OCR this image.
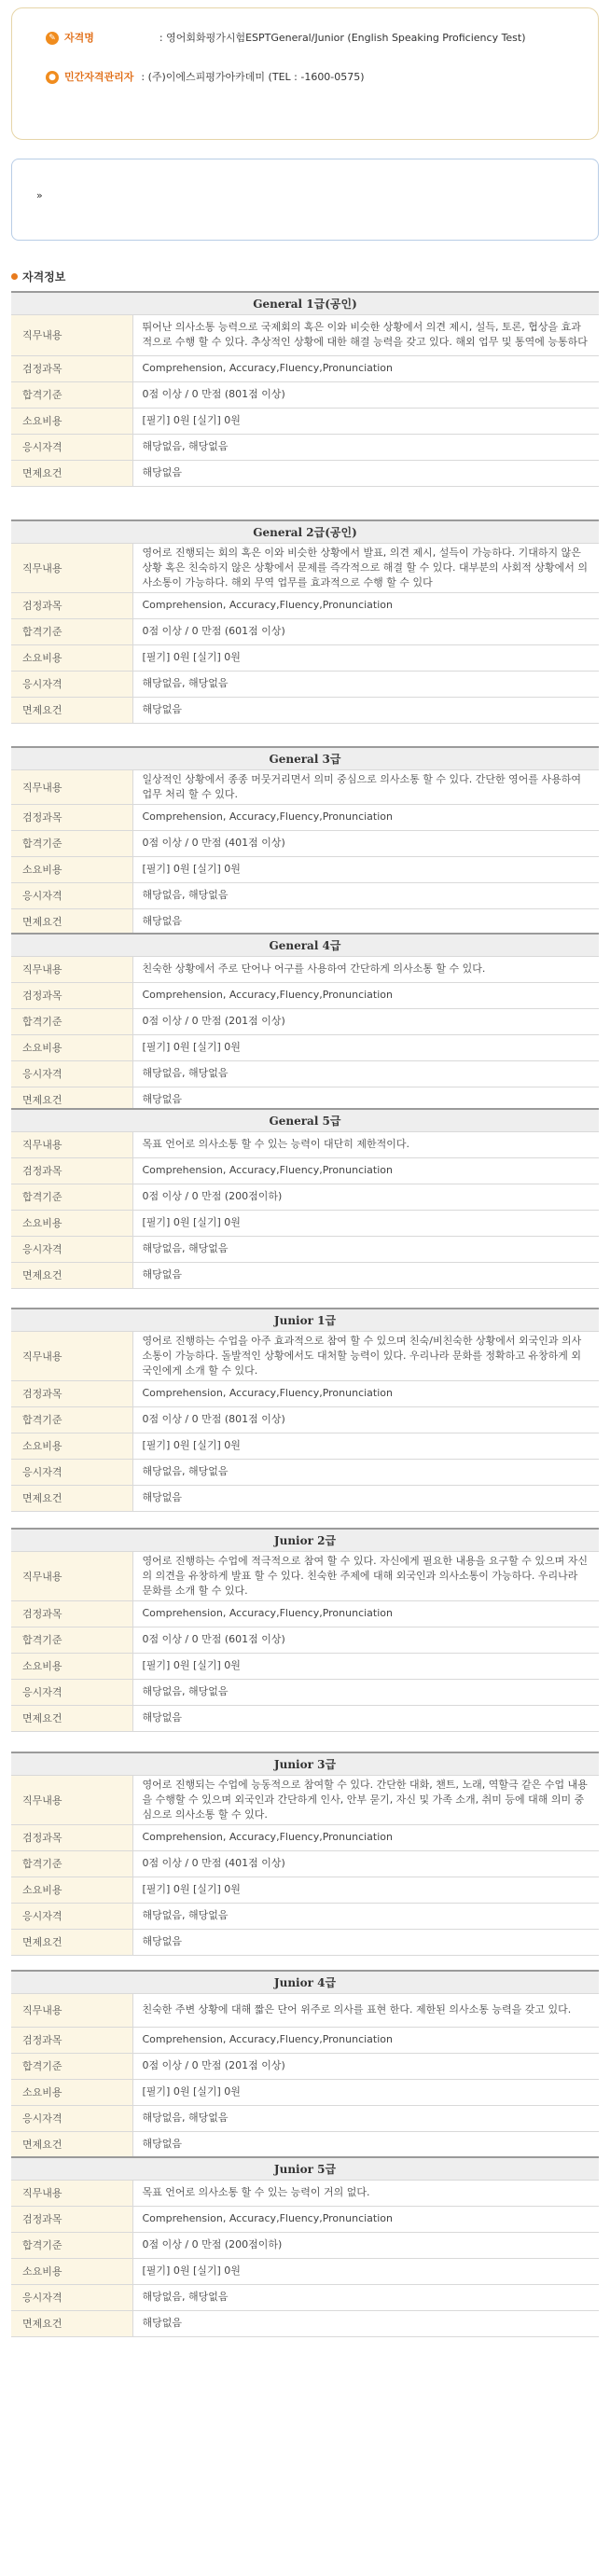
✎ 자격명	: 영어회화평가시험ESPTGeneral/Junior (English Speaking Proficiency Test)
● 민간자격관리자 : (주)이에스피평가아카데미 (TEL : -1600-0575)
»
자격정보
General 1급(공인)	
직무내용	뛰어난 의사소통 능력으로 국제회의 혹은 이와 비슷한 상황에서 의견 제시, 설득, 토론, 협상을 효과적으로 수행 할 수 있다. 추상적인 상황에 대한 해결 능력을 갖고 있다. 해외 업무 및 통역에 능통하다
검정과목	Comprehension, Accuracy,Fluency,Pronunciation
합격기준	0점 이상 / 0 만점 (801점 이상)
소요비용	[필기] 0원 [실기] 0원
응시자격	해당없음, 해당없음
면제요건	해당없음
General 2급(공인)	
직무내용	영어로 진행되는 회의 혹은 이와 비슷한 상황에서 발표, 의견 제시, 설득이 가능하다. 기대하지 않은 상황 혹은 친숙하지 않은 상황에서 문제를 즉각적으로 해결 할 수 있다. 대부분의 사회적 상황에서 의사소통이 가능하다. 해외 무역 업무를 효과적으로 수행 할 수 있다
검정과목	Comprehension, Accuracy,Fluency,Pronunciation
합격기준	0점 이상 / 0 만점 (601점 이상)
소요비용	[필기] 0원 [실기] 0원
응시자격	해당없음, 해당없음
면제요건	해당없음
General 3급	
직무내용	일상적인 상황에서 종종 머뭇거리면서 의미 중심으로 의사소통 할 수 있다. 간단한 영어를 사용하여 업무 처리 할 수 있다.
검정과목	Comprehension, Accuracy,Fluency,Pronunciation
합격기준	0점 이상 / 0 만점 (401점 이상)
소요비용	[필기] 0원 [실기] 0원
응시자격	해당없음, 해당없음
면제요건	해당없음
General 4급	
직무내용	친숙한 상황에서 주로 단어나 어구를 사용하여 간단하게 의사소통 할 수 있다.
검정과목	Comprehension, Accuracy,Fluency,Pronunciation
합격기준	0점 이상 / 0 만점 (201점 이상)
소요비용	[필기] 0원 [실기] 0원
응시자격	해당없음, 해당없음
면제요건	해당없음
General 5급	
직무내용	목표 언어로 의사소통 할 수 있는 능력이 대단히 제한적이다.
검정과목	Comprehension, Accuracy,Fluency,Pronunciation
합격기준	0점 이상 / 0 만점 (200점이하)
소요비용	[필기] 0원 [실기] 0원
응시자격	해당없음, 해당없음
면제요건	해당없음
Junior 1급	
직무내용	영어로 진행하는 수업을 아주 효과적으로 참여 할 수 있으며 친숙/비친숙한 상황에서 외국인과 의사소통이 가능하다. 돌발적인 상황에서도 대처할 능력이 있다. 우리나라 문화를 정확하고 유창하게 외국인에게 소개 할 수 있다.
검정과목	Comprehension, Accuracy,Fluency,Pronunciation
합격기준	0점 이상 / 0 만점 (801점 이상)
소요비용	[필기] 0원 [실기] 0원
응시자격	해당없음, 해당없음
면제요건	해당없음
Junior 2급	
직무내용	영어로 진행하는 수업에 적극적으로 참여 할 수 있다. 자신에게 필요한 내용을 요구할 수 있으며 자신의 의견을 유창하게 발표 할 수 있다. 친숙한 주제에 대해 외국인과 의사소통이 가능하다. 우리나라 문화를 소개 할 수 있다.
검정과목	Comprehension, Accuracy,Fluency,Pronunciation
합격기준	0점 이상 / 0 만점 (601점 이상)
소요비용	[필기] 0원 [실기] 0원
응시자격	해당없음, 해당없음
면제요건	해당없음
Junior 3급	
직무내용	영어로 진행되는 수업에 능동적으로 참여할 수 있다. 간단한 대화, 챈트, 노래, 역할극 같은 수업 내용을 수행할 수 있으며 외국인과 간단하게 인사, 안부 묻기, 자신 및 가족 소개, 취미 등에 대해 의미 중심으로 의사소통 할 수 있다.
검정과목	Comprehension, Accuracy,Fluency,Pronunciation
합격기준	0점 이상 / 0 만점 (401점 이상)
소요비용	[필기] 0원 [실기] 0원
응시자격	해당없음, 해당없음
면제요건	해당없음
Junior 4급	
직무내용	친숙한 주변 상황에 대해 짧은 단어 위주로 의사를 표현 한다. 제한된 의사소통 능력을 갖고 있다.
검정과목	Comprehension, Accuracy,Fluency,Pronunciation
합격기준	0점 이상 / 0 만점 (201점 이상)
소요비용	[필기] 0원 [실기] 0원
응시자격	해당없음, 해당없음
면제요건	해당없음
Junior 5급	
직무내용	목표 언어로 의사소통 할 수 있는 능력이 거의 없다.
검정과목	Comprehension, Accuracy,Fluency,Pronunciation
합격기준	0점 이상 / 0 만점 (200점이하)
소요비용	[필기] 0원 [실기] 0원
응시자격	해당없음, 해당없음
면제요건	해당없음
